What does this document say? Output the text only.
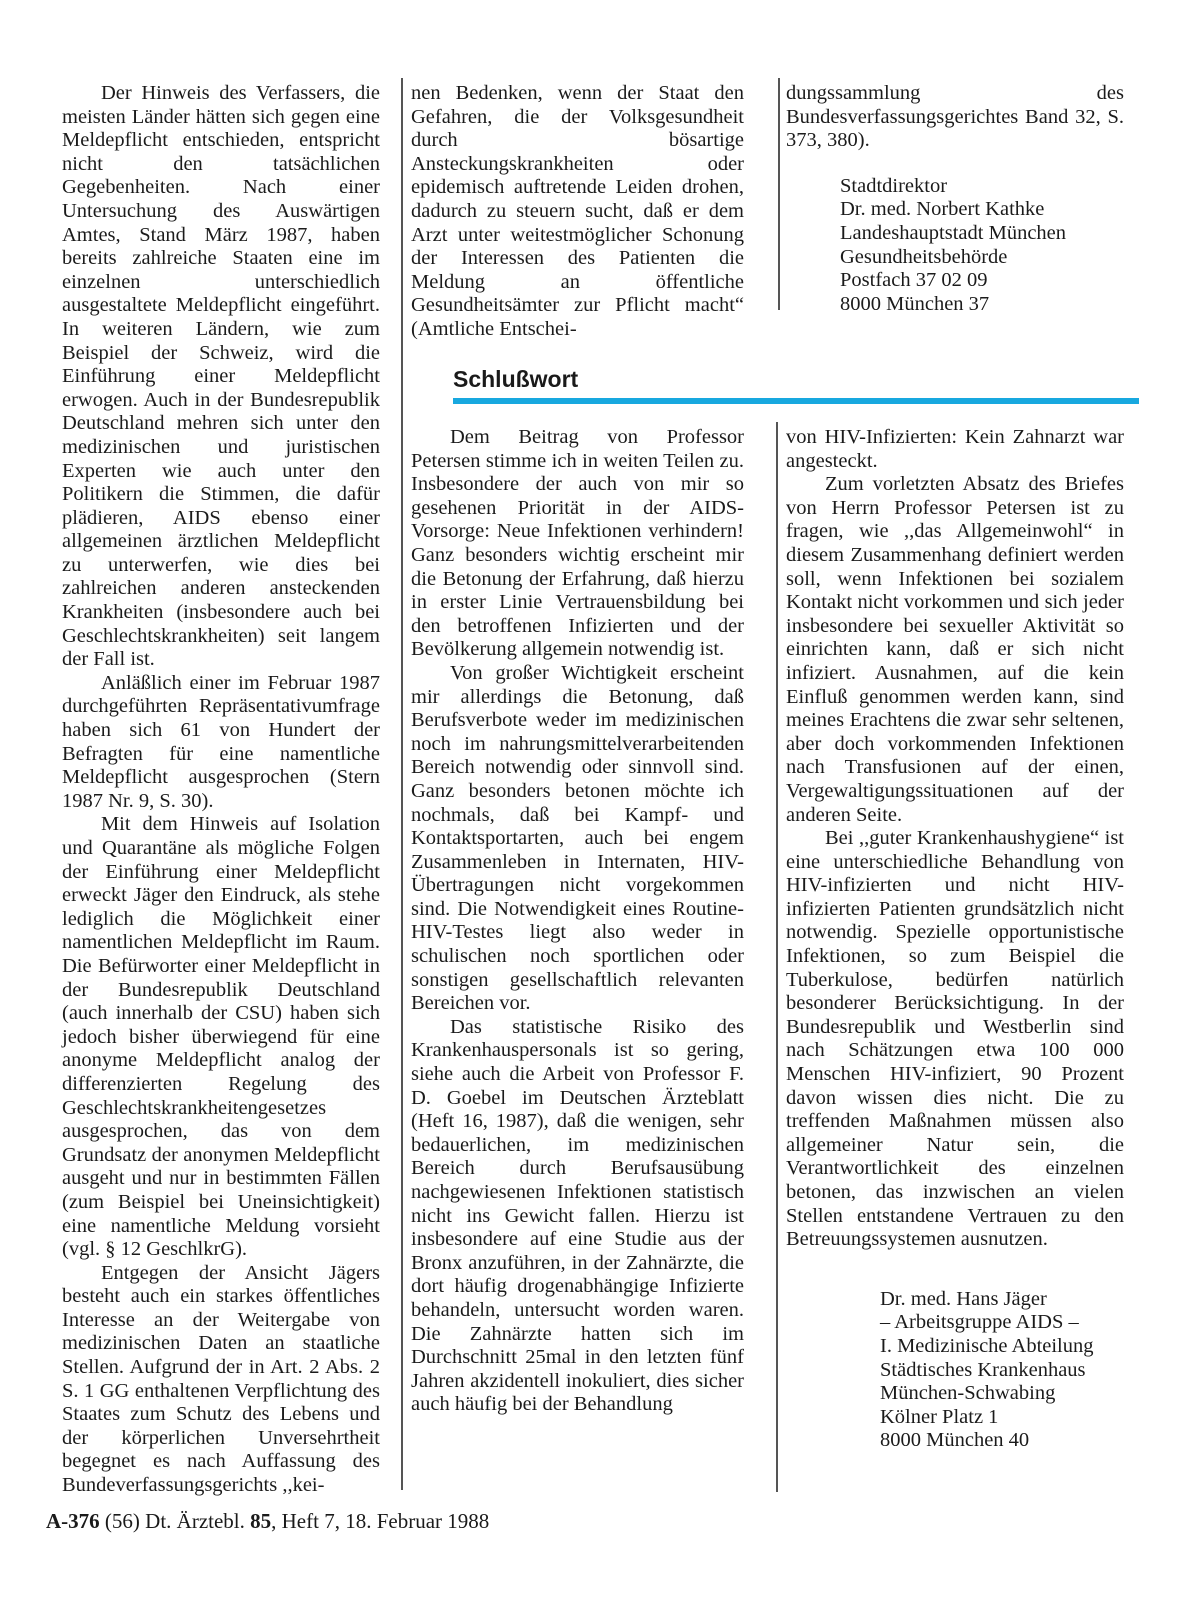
Der Hinweis des Verfassers, die meisten Länder hätten sich gegen eine Meldepflicht entschieden, entspricht nicht den tatsächlichen Gegebenheiten. Nach einer Untersuchung des Auswärtigen Amtes, Stand März 1987, haben bereits zahlreiche Staaten eine im einzelnen unterschiedlich ausgestaltete Meldepflicht eingeführt. In weiteren Ländern, wie zum Beispiel der Schweiz, wird die Einführung einer Meldepflicht erwogen. Auch in der Bundesrepublik Deutschland mehren sich unter den medizinischen und juristischen Experten wie auch unter den Politikern die Stimmen, die dafür plädieren, AIDS ebenso einer allgemeinen ärztlichen Meldepflicht zu unterwerfen, wie dies bei zahlreichen anderen ansteckenden Krankheiten (insbesondere auch bei Geschlechtskrankheiten) seit langem der Fall ist.

Anläßlich einer im Februar 1987 durchgeführten Repräsentativumfrage haben sich 61 von Hundert der Befragten für eine namentliche Meldepflicht ausgesprochen (Stern 1987 Nr. 9, S. 30).

Mit dem Hinweis auf Isolation und Quarantäne als mögliche Folgen der Einführung einer Meldepflicht erweckt Jäger den Eindruck, als stehe lediglich die Möglichkeit einer namentlichen Meldepflicht im Raum. Die Befürworter einer Meldepflicht in der Bundesrepublik Deutschland (auch innerhalb der CSU) haben sich jedoch bisher überwiegend für eine anonyme Meldepflicht analog der differenzierten Regelung des Geschlechtskrankheitengesetzes ausgesprochen, das von dem Grundsatz der anonymen Meldepflicht ausgeht und nur in bestimmten Fällen (zum Beispiel bei Uneinsichtigkeit) eine namentliche Meldung vorsieht (vgl. § 12 GeschlkrG).

Entgegen der Ansicht Jägers besteht auch ein starkes öffentliches Interesse an der Weitergabe von medizinischen Daten an staatliche Stellen. Aufgrund der in Art. 2 Abs. 2 S. 1 GG enthaltenen Verpflichtung des Staates zum Schutz des Lebens und der körperlichen Unversehrtheit begegnet es nach Auffassung des Bundeverfassungsgerichts ,,kei-

nen Bedenken, wenn der Staat den Gefahren, die der Volksgesundheit durch bösartige Ansteckungskrankheiten oder epidemisch auftretende Leiden drohen, dadurch zu steuern sucht, daß er dem Arzt unter weitestmöglicher Schonung der Interessen des Patienten die Meldung an öffentliche Gesundheitsämter zur Pflicht macht“ (Amtliche Entschei-

dungssammlung des Bundesverfassungsgerichtes Band 32, S. 373, 380).

Stadtdirektor
Dr. med. Norbert Kathke
Landeshauptstadt München
Gesundheitsbehörde
Postfach 37 02 09
8000 München 37
Schlußwort

Dem Beitrag von Professor Petersen stimme ich in weiten Teilen zu. Insbesondere der auch von mir so gesehenen Priorität in der AIDS-Vorsorge: Neue Infektionen verhindern! Ganz besonders wichtig erscheint mir die Betonung der Erfahrung, daß hierzu in erster Linie Vertrauensbildung bei den betroffenen Infizierten und der Bevölkerung allgemein notwendig ist.

Von großer Wichtigkeit erscheint mir allerdings die Betonung, daß Berufsverbote weder im medizinischen noch im nahrungsmittelverarbeitenden Bereich notwendig oder sinnvoll sind. Ganz besonders betonen möchte ich nochmals, daß bei Kampf- und Kontaktsportarten, auch bei engem Zusammenleben in Internaten, HIV-Übertragungen nicht vorgekommen sind. Die Notwendigkeit eines Routine-HIV-Testes liegt also weder in schulischen noch sportlichen oder sonstigen gesellschaftlich relevanten Bereichen vor.

Das statistische Risiko des Krankenhauspersonals ist so gering, siehe auch die Arbeit von Professor F. D. Goebel im Deutschen Ärzteblatt (Heft 16, 1987), daß die wenigen, sehr bedauerlichen, im medizinischen Bereich durch Berufsausübung nachgewiesenen Infektionen statistisch nicht ins Gewicht fallen. Hierzu ist insbesondere auf eine Studie aus der Bronx anzuführen, in der Zahnärzte, die dort häufig drogenabhängige Infizierte behandeln, untersucht worden waren. Die Zahnärzte hatten sich im Durchschnitt 25mal in den letzten fünf Jahren akzidentell inokuliert, dies sicher auch häufig bei der Behandlung

von HIV-Infizierten: Kein Zahnarzt war angesteckt.

Zum vorletzten Absatz des Briefes von Herrn Professor Petersen ist zu fragen, wie ,,das Allgemeinwohl“ in diesem Zusammenhang definiert werden soll, wenn Infektionen bei sozialem Kontakt nicht vorkommen und sich jeder insbesondere bei sexueller Aktivität so einrichten kann, daß er sich nicht infiziert. Ausnahmen, auf die kein Einfluß genommen werden kann, sind meines Erachtens die zwar sehr seltenen, aber doch vorkommenden Infektionen nach Transfusionen auf der einen, Vergewaltigungssituationen auf der anderen Seite.

Bei ,,guter Krankenhaushygiene“ ist eine unterschiedliche Behandlung von HIV-infizierten und nicht HIV-infizierten Patienten grundsätzlich nicht notwendig. Spezielle opportunistische Infektionen, so zum Beispiel die Tuberkulose, bedürfen natürlich besonderer Berücksichtigung. In der Bundesrepublik und Westberlin sind nach Schätzungen etwa 100 000 Menschen HIV-infiziert, 90 Prozent davon wissen dies nicht. Die zu treffenden Maßnahmen müssen also allgemeiner Natur sein, die Verantwortlichkeit des einzelnen betonen, das inzwischen an vielen Stellen entstandene Vertrauen zu den Betreuungssystemen ausnutzen.

Dr. med. Hans Jäger
– Arbeitsgruppe AIDS –
I. Medizinische Abteilung
Städtisches Krankenhaus
München-Schwabing
Kölner Platz 1
8000 München 40
A-376 (56) Dt. Ärztebl. 85, Heft 7, 18. Februar 1988
